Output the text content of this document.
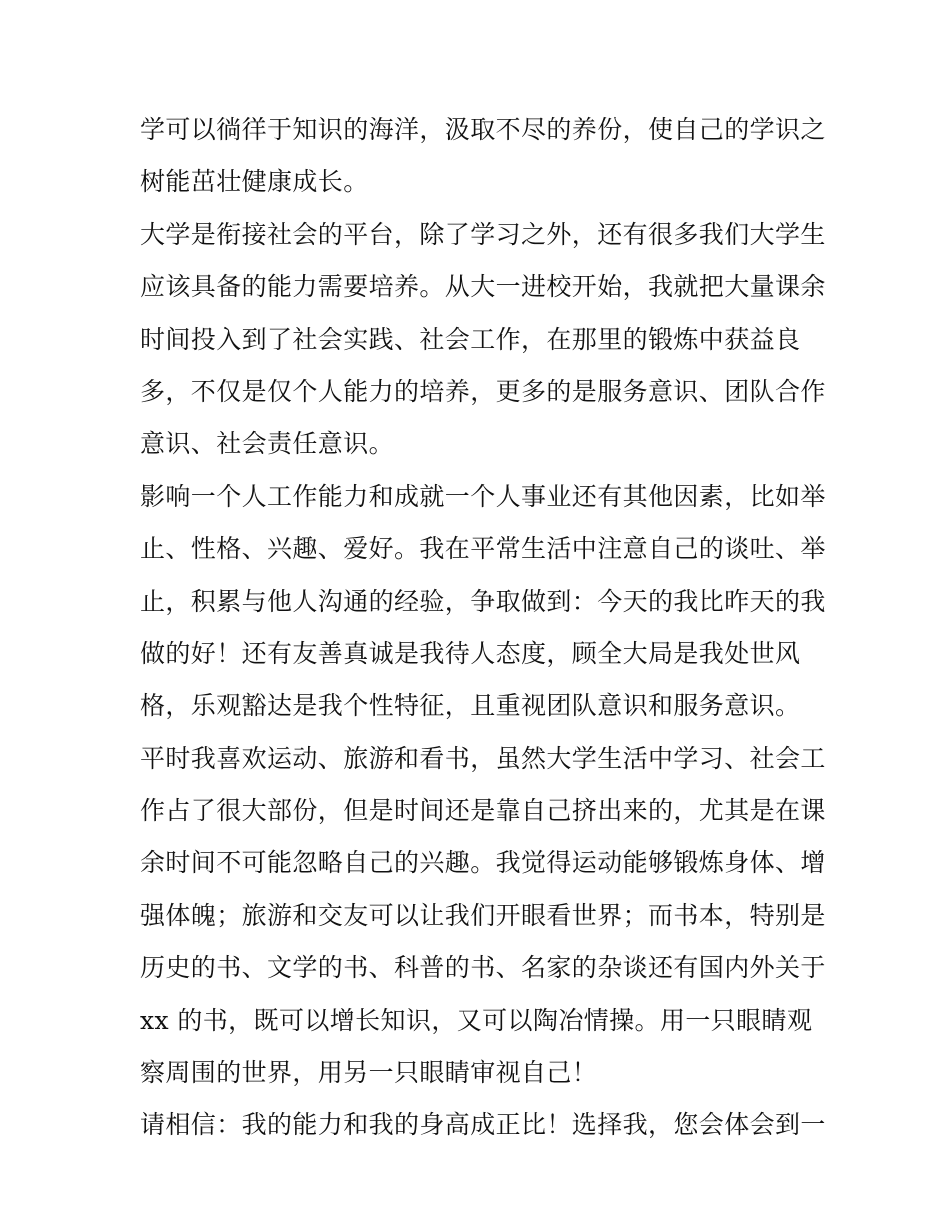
学可以徜徉于知识的海洋，汲取不尽的养份，使自己的学识之
树能茁壮健康成长。
大学是衔接社会的平台，除了学习之外，还有很多我们大学生
应该具备的能力需要培养。从大一进校开始，我就把大量课余
时间投入到了社会实践、社会工作，在那里的锻炼中获益良
多，不仅是仅个人能力的培养，更多的是服务意识、团队合作
意识、社会责任意识。
影响一个人工作能力和成就一个人事业还有其他因素，比如举
止、性格、兴趣、爱好。我在平常生活中注意自己的谈吐、举
止，积累与他人沟通的经验，争取做到：今天的我比昨天的我
做的好！还有友善真诚是我待人态度，顾全大局是我处世风
格，乐观豁达是我个性特征，且重视团队意识和服务意识。
平时我喜欢运动、旅游和看书，虽然大学生活中学习、社会工
作占了很大部份，但是时间还是靠自己挤出来的，尤其是在课
余时间不可能忽略自己的兴趣。我觉得运动能够锻炼身体、增
强体魄；旅游和交友可以让我们开眼看世界；而书本，特别是
历史的书、文学的书、科普的书、名家的杂谈还有国内外关于
xx 的书，既可以增长知识，又可以陶冶情操。用一只眼睛观
察周围的世界，用另一只眼睛审视自己！
请相信：我的能力和我的身高成正比！选择我，您会体会到一
